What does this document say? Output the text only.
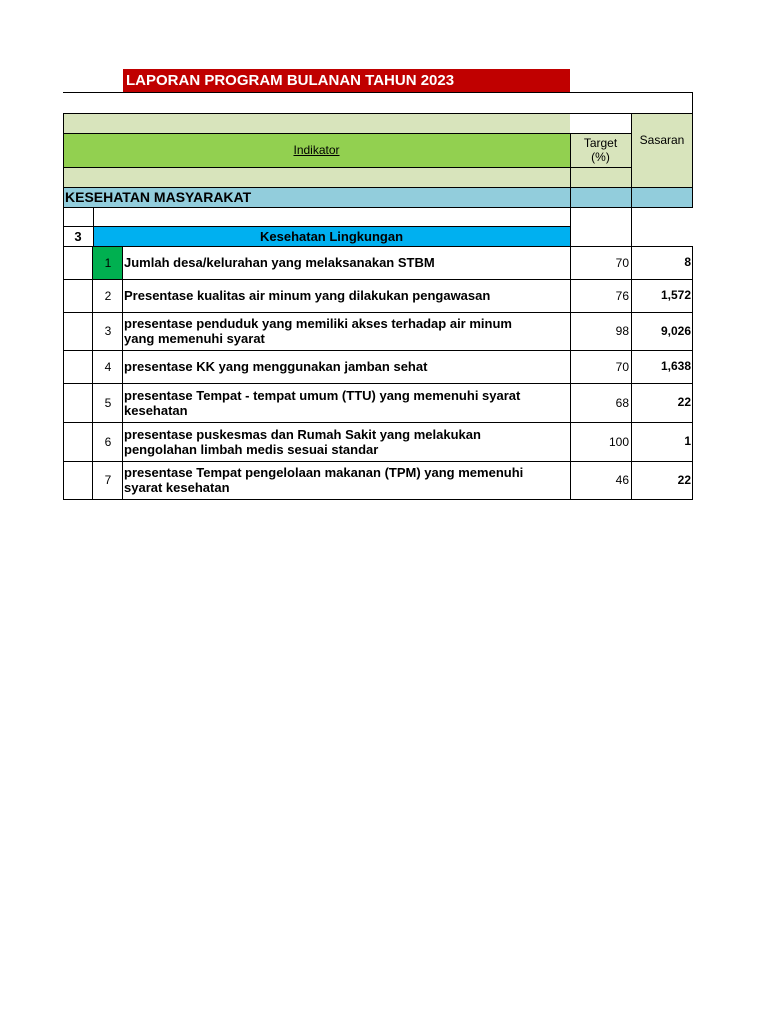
LAPORAN PROGRAM BULANAN TAHUN 2023
Indikator
Target
(%)
Sasaran
KESEHATAN MASYARAKAT
3	Kesehatan Lingkungan
1 Jumlah desa/kelurahan yang melaksanakan STBM	70	8
2 Presentase kualitas air minum yang dilakukan pengawasan	76	1,572
3 presentase penduduk yang memiliki akses terhadap air minum
yang memenuhi syarat	98	9,026
4 presentase KK yang menggunakan jamban sehat	70	1,638
5 presentase Tempat - tempat umum (TTU) yang memenuhi syarat
kesehatan	68	22
6 presentase puskesmas dan Rumah Sakit yang melakukan
pengolahan limbah medis sesuai standar	100	1
7 presentase Tempat pengelolaan makanan (TPM) yang memenuhi
syarat kesehatan	46	22
